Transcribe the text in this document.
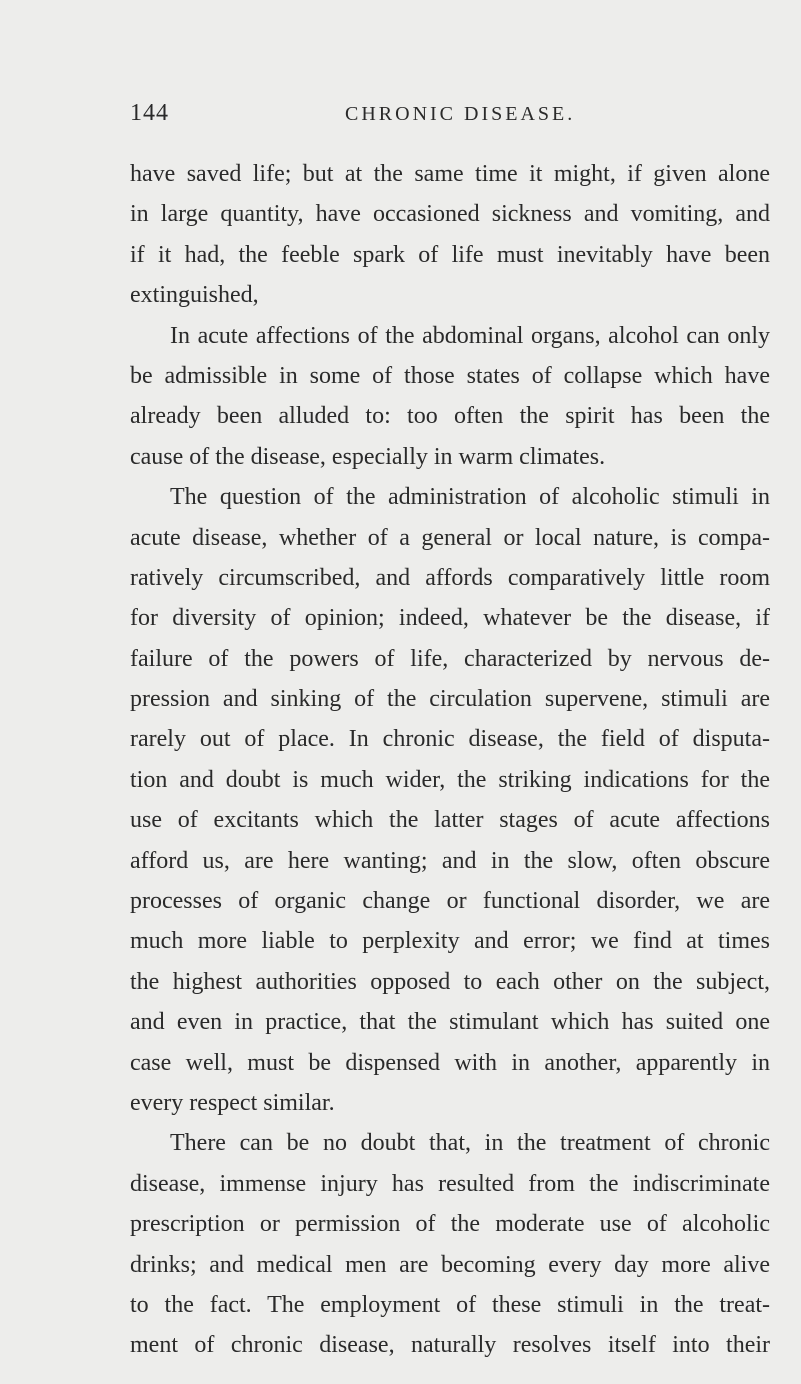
144	CHRONIC DISEASE.
have saved life; but at the same time it might, if given alone
in large quantity, have occasioned sickness and vomiting, and
if it had, the feeble spark of life must inevitably have been
extinguished,
In acute affections of the abdominal organs, alcohol can only
be admissible in some of those states of collapse which have
already been alluded to: too often the spirit has been the
cause of the disease, especially in warm climates.
The question of the administration of alcoholic stimuli in
acute disease, whether of a general or local nature, is compa-
ratively circumscribed, and affords comparatively little room
for diversity of opinion; indeed, whatever be the disease, if
failure of the powers of life, characterized by nervous de-
pression and sinking of the circulation supervene, stimuli are
rarely out of place. In chronic disease, the field of disputa-
tion and doubt is much wider, the striking indications for the
use of excitants which the latter stages of acute affections
afford us, are here wanting; and in the slow, often obscure
processes of organic change or functional disorder, we are
much more liable to perplexity and error; we find at times
the highest authorities opposed to each other on the subject,
and even in practice, that the stimulant which has suited one
case well, must be dispensed with in another, apparently in
every respect similar.
There can be no doubt that, in the treatment of chronic
disease, immense injury has resulted from the indiscriminate
prescription or permission of the moderate use of alcoholic
drinks; and medical men are becoming every day more alive
to the fact. The employment of these stimuli in the treat-
ment of chronic disease, naturally resolves itself into their
